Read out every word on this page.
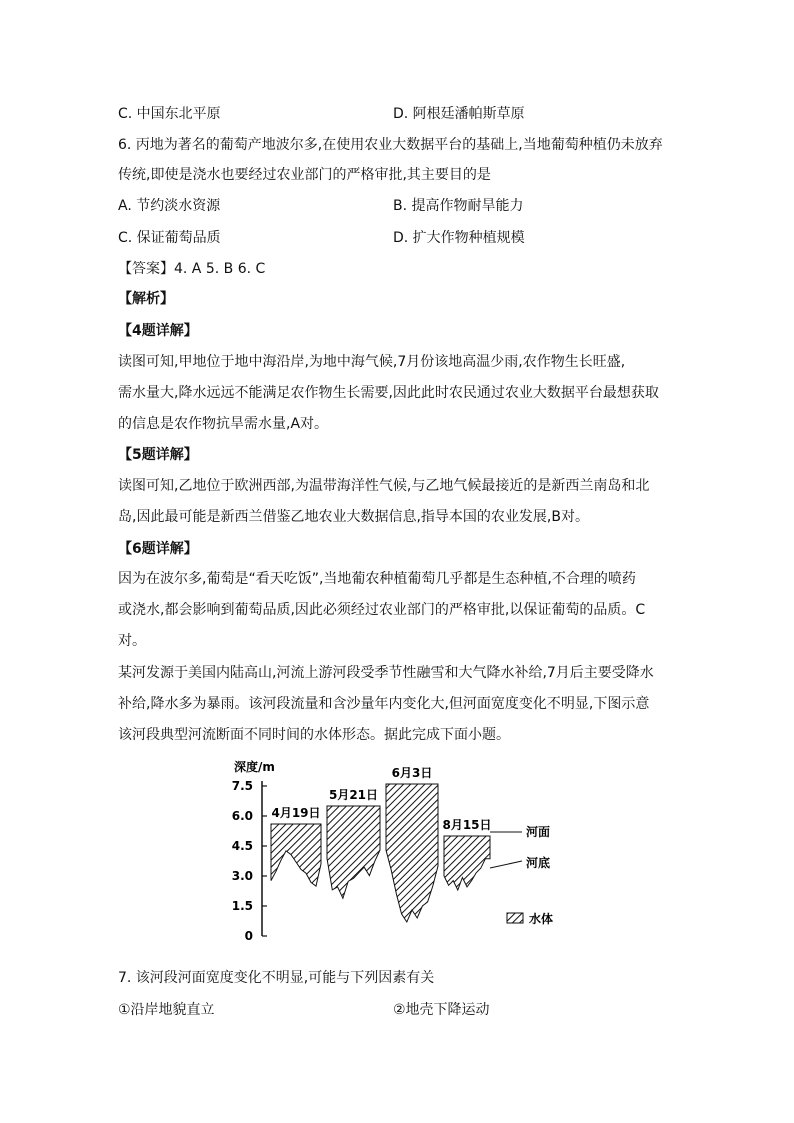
C. 中国东北平原	D. 阿根廷潘帕斯草原
6. 丙地为著名的葡萄产地波尔多,在使用农业大数据平台的基础上,当地葡萄种植仍未放弃
传统,即使是浇水也要经过农业部门的严格审批,其主要目的是
A. 节约淡水资源	B. 提高作物耐旱能力
C. 保证葡萄品质	D. 扩大作物种植规模
【答案】4. A 5. B 6. C
【解析】
【4题详解】
读图可知,甲地位于地中海沿岸,为地中海气候,7月份该地高温少雨,农作物生长旺盛,
需水量大,降水远远不能满足农作物生长需要,因此此时农民通过农业大数据平台最想获取
的信息是农作物抗旱需水量,A对。
【5题详解】
读图可知,乙地位于欧洲西部,为温带海洋性气候,与乙地气候最接近的是新西兰南岛和北
岛,因此最可能是新西兰借鉴乙地农业大数据信息,指导本国的农业发展,B对。
【6题详解】
因为在波尔多,葡萄是“看天吃饭”,当地葡农种植葡萄几乎都是生态种植,不合理的喷药
或浇水,都会影响到葡萄品质,因此必须经过农业部门的严格审批,以保证葡萄的品质。C
对。
某河发源于美国内陆高山,河流上游河段受季节性融雪和大气降水补给,7月后主要受降水
补给,降水多为暴雨。该河段流量和含沙量年内变化大,但河面宽度变化不明显,下图示意
该河段典型河流断面不同时间的水体形态。据此完成下面小题。
深度/m
7.5
6.0
4.5
3.0
1.5
0
4月19日
5月21日
6月3日
8月15日	河面
河底
水体
7. 该河段河面宽度变化不明显,可能与下列因素有关
①沿岸地貌直立	②地壳下降运动
